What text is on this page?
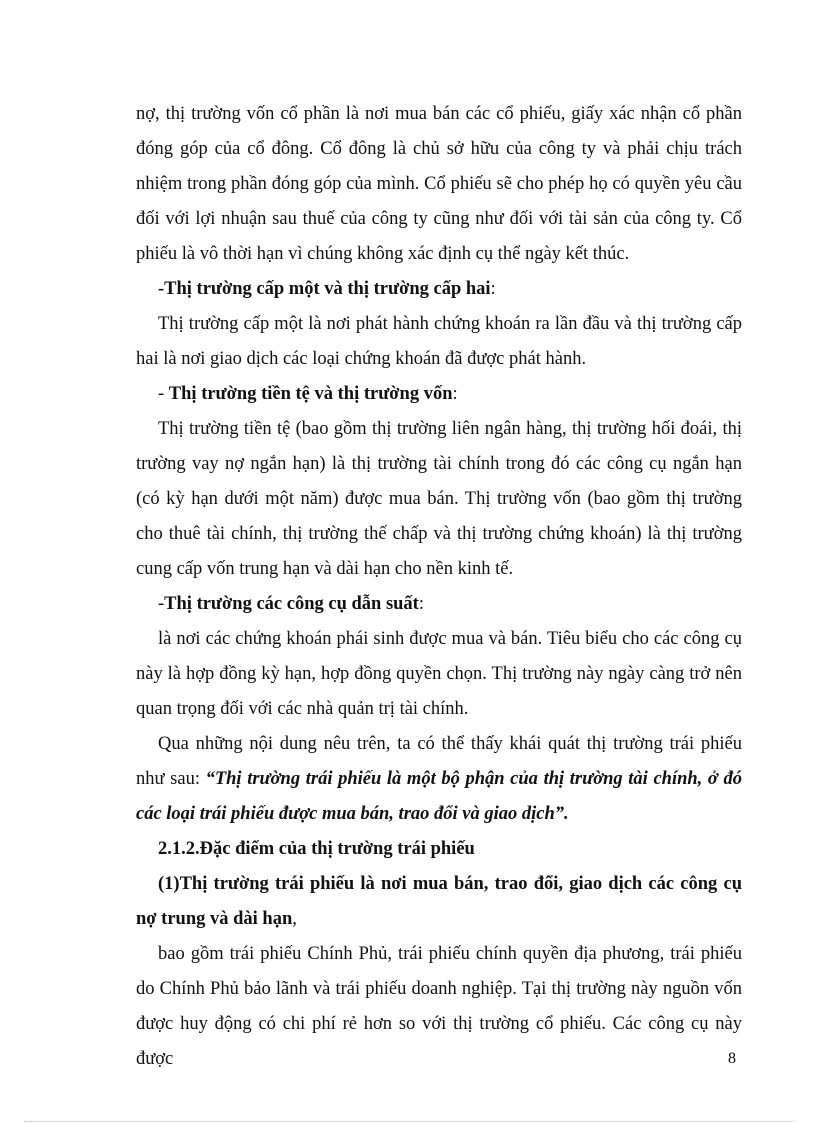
nợ, thị trường vốn cổ phần là nơi mua bán các cổ phiếu, giấy xác nhận cổ phần đóng góp của cổ đông. Cổ đông là chủ sở hữu của công ty và phải chịu trách nhiệm trong phần đóng góp của mình. Cổ phiếu sẽ cho phép họ có quyền yêu cầu đối với lợi nhuận sau thuế của công ty cũng như đối với tài sản của công ty. Cổ phiếu là vô thời hạn vì chúng không xác định cụ thể ngày kết thúc.

-Thị trường cấp một và thị trường cấp hai:

Thị trường cấp một là nơi phát hành chứng khoán ra lần đầu và thị trường cấp hai là nơi giao dịch các loại chứng khoán đã được phát hành.

- Thị trường tiền tệ và thị trường vốn:

Thị trường tiền tệ (bao gồm thị trường liên ngân hàng, thị trường hối đoái, thị trường vay nợ ngắn hạn) là thị trường tài chính trong đó các công cụ ngắn hạn (có kỳ hạn dưới một năm) được mua bán. Thị trường vốn (bao gồm thị trường cho thuê tài chính, thị trường thế chấp và thị trường chứng khoán) là thị trường cung cấp vốn trung hạn và dài hạn cho nền kinh tế.

-Thị trường các công cụ dẫn suất:

là nơi các chứng khoán phái sinh được mua và bán. Tiêu biểu cho các công cụ này là hợp đồng kỳ hạn, hợp đồng quyền chọn. Thị trường này ngày càng trở nên quan trọng đối với các nhà quản trị tài chính.

Qua những nội dung nêu trên, ta có thể thấy khái quát thị trường trái phiếu như sau: “Thị trường trái phiếu là một bộ phận của thị trường tài chính, ở đó các loại trái phiếu được mua bán, trao đổi và giao dịch”.

2.1.2.Đặc điểm của thị trường trái phiếu

(1)Thị trường trái phiếu là nơi mua bán, trao đổi, giao dịch các công cụ nợ trung và dài hạn,

bao gồm trái phiếu Chính Phủ, trái phiếu chính quyền địa phương, trái phiếu do Chính Phủ bảo lãnh và trái phiếu doanh nghiệp. Tại thị trường này nguồn vốn được huy động có chi phí rẻ hơn so với thị trường cổ phiếu. Các công cụ này được	8
